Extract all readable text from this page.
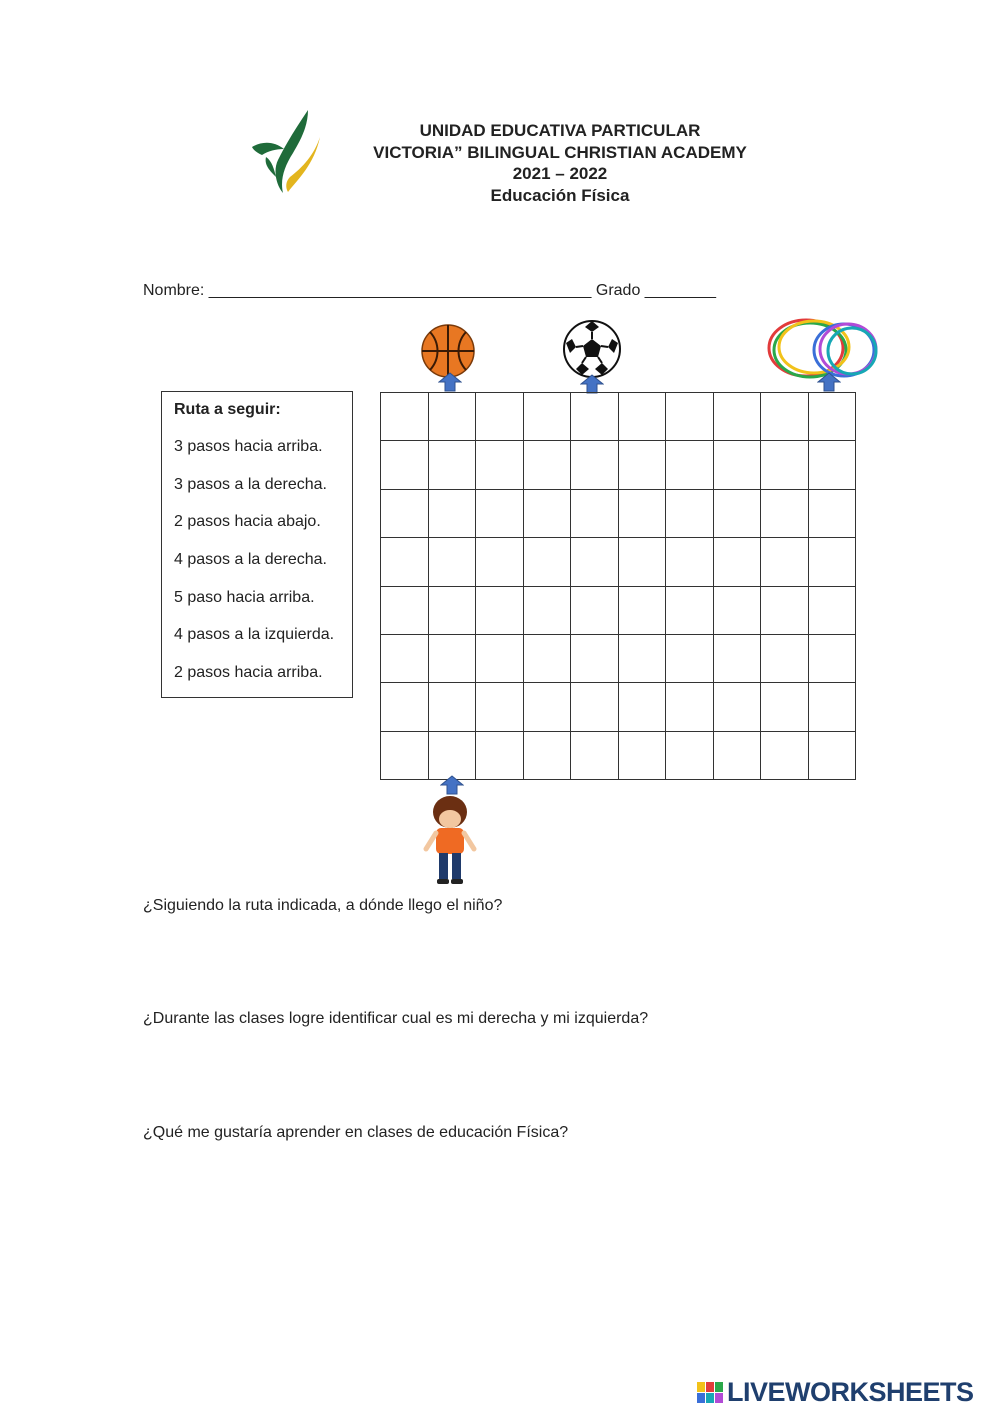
UNIDAD EDUCATIVA PARTICULAR
VICTORIA” BILINGUAL CHRISTIAN ACADEMY
2021 – 2022
Educación Física
Nombre: ___________________________________________ Grado ________
Ruta a seguir:
3 pasos hacia arriba.
3 pasos a la derecha.
2 pasos hacia abajo.
4 pasos a la derecha.
5 paso hacia arriba.
4 pasos a la izquierda.
2 pasos hacia arriba.

¿Siguiendo la ruta indicada, a dónde llego el niño?
¿Durante las clases logre identificar cual es mi derecha y mi izquierda?
¿Qué me gustaría aprender en clases de educación Física?
LIVEWORKSHEETS
